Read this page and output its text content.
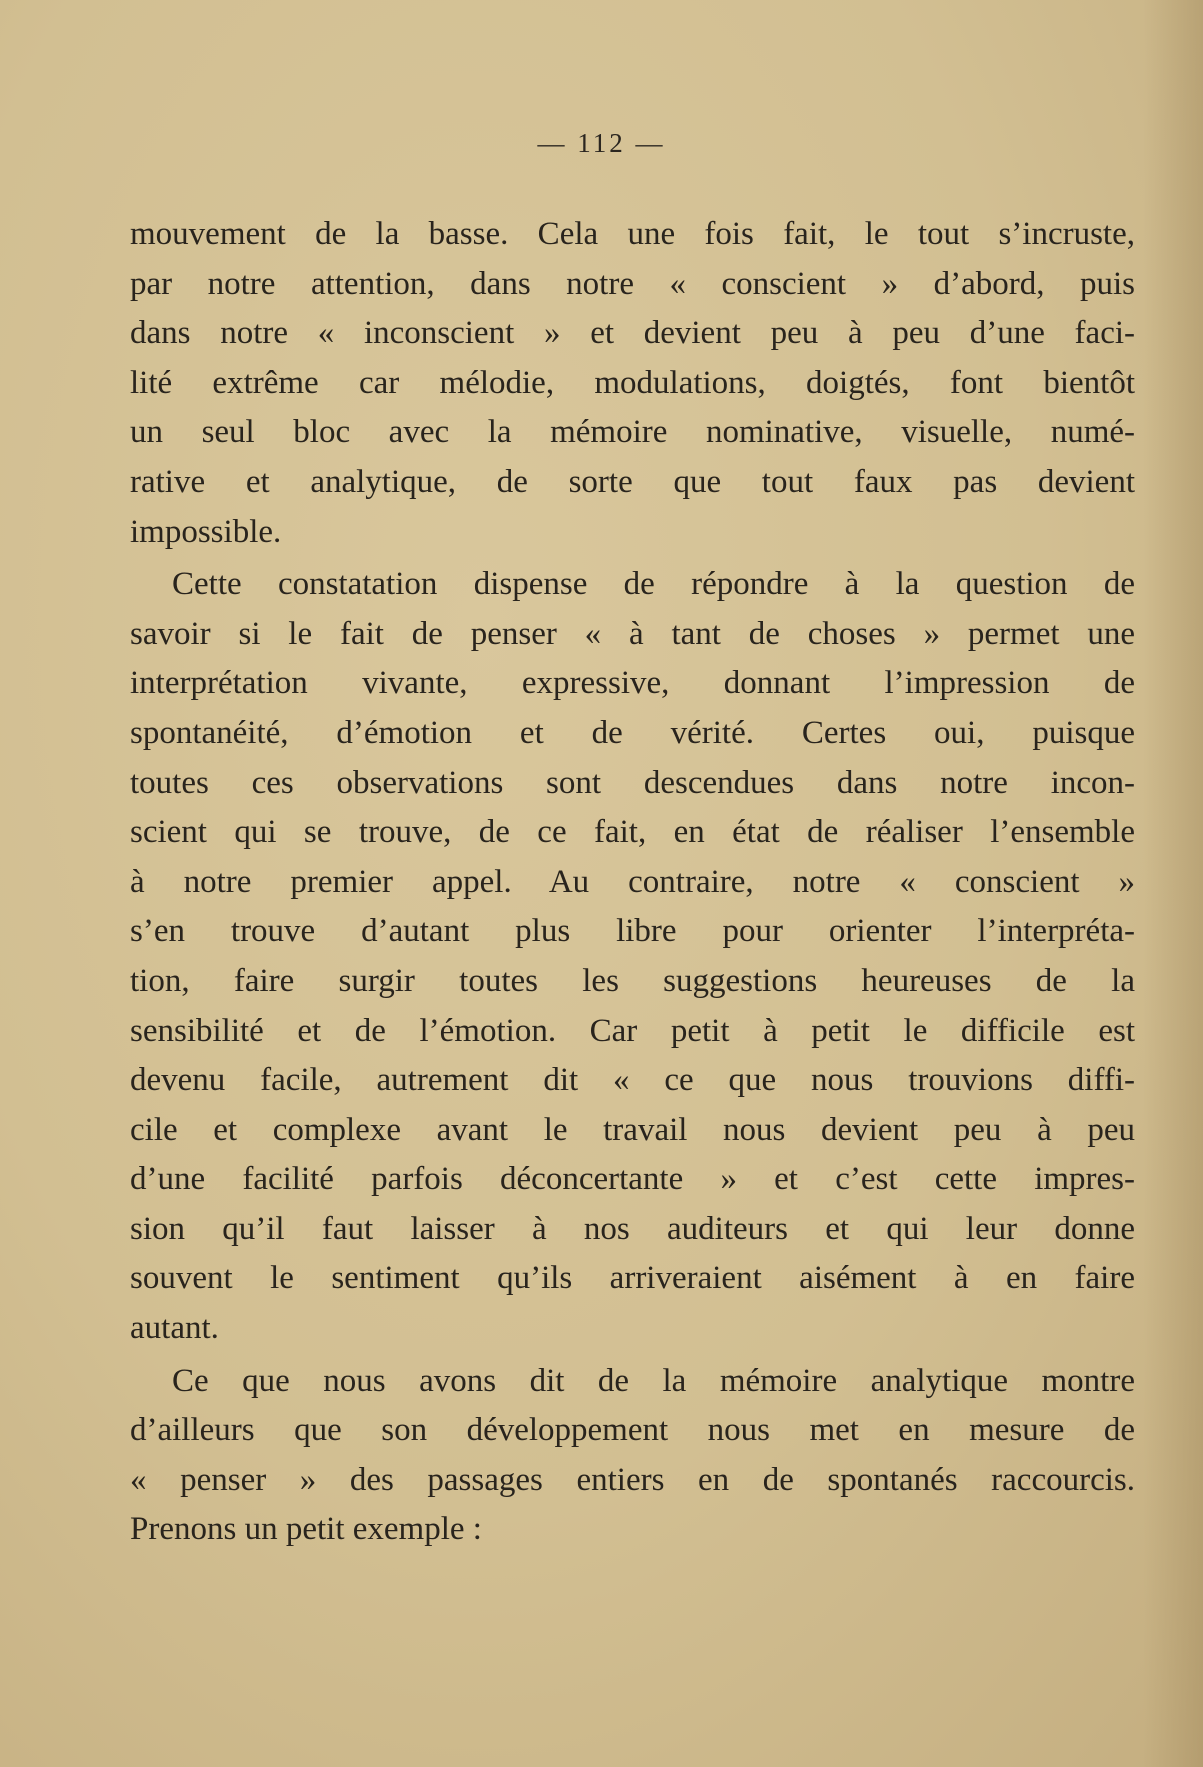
— 112 —

mouvement de la basse. Cela une fois fait, le tout s’incruste,
par notre attention, dans notre « conscient » d’abord, puis
dans notre « inconscient » et devient peu à peu d’une faci-
lité extrême car mélodie, modulations, doigtés, font bientôt
un seul bloc avec la mémoire nominative, visuelle, numé-
rative et analytique, de sorte que tout faux pas devient
impossible.

Cette constatation dispense de répondre à la question de
savoir si le fait de penser « à tant de choses » permet une
interprétation vivante, expressive, donnant l’impression de
spontanéité, d’émotion et de vérité. Certes oui, puisque
toutes ces observations sont descendues dans notre incon-
scient qui se trouve, de ce fait, en état de réaliser l’ensemble
à notre premier appel. Au contraire, notre « conscient »
s’en trouve d’autant plus libre pour orienter l’interpréta-
tion, faire surgir toutes les suggestions heureuses de la
sensibilité et de l’émotion. Car petit à petit le difficile est
devenu facile, autrement dit « ce que nous trouvions diffi-
cile et complexe avant le travail nous devient peu à peu
d’une facilité parfois déconcertante » et c’est cette impres-
sion qu’il faut laisser à nos auditeurs et qui leur donne
souvent le sentiment qu’ils arriveraient aisément à en faire
autant.

Ce que nous avons dit de la mémoire analytique montre
d’ailleurs que son développement nous met en mesure de
« penser » des passages entiers en de spontanés raccourcis.
Prenons un petit exemple :
